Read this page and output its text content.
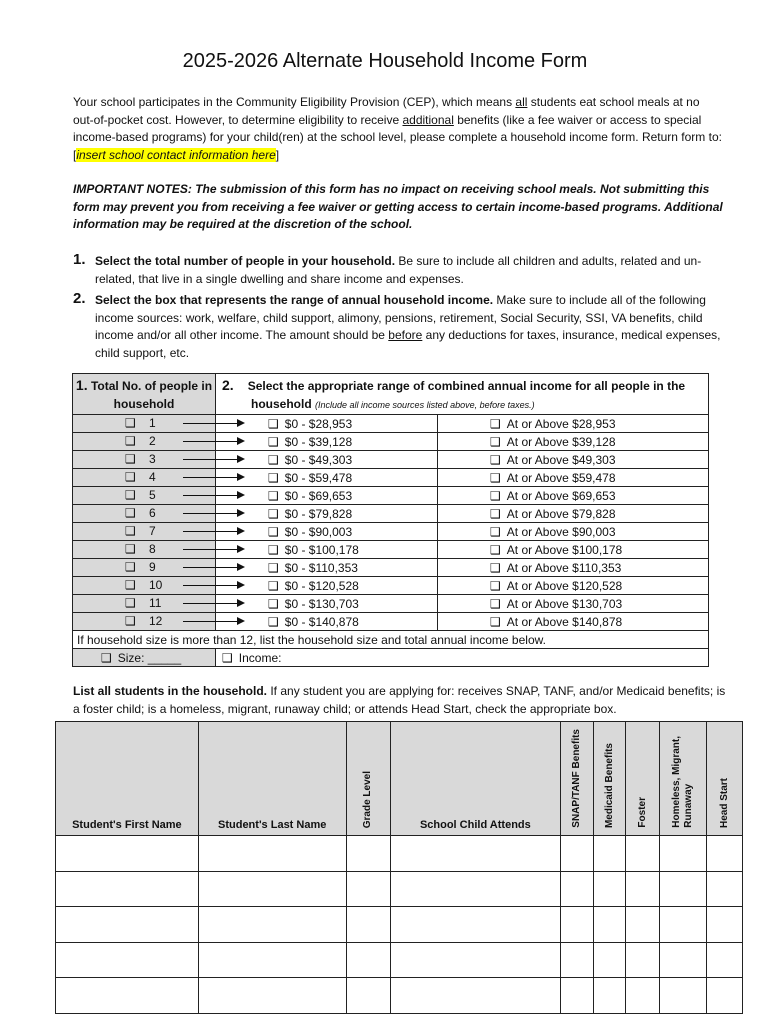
2025-2026 Alternate Household Income Form
Your school participates in the Community Eligibility Provision (CEP), which means all students eat school meals at no out-of-pocket cost. However, to determine eligibility to receive additional benefits (like a fee waiver or access to special income-based programs) for your child(ren) at the school level, please complete a household income form. Return form to: [insert school contact information here]
IMPORTANT NOTES: The submission of this form has no impact on receiving school meals. Not submitting this form may prevent you from receiving a fee waiver or getting access to certain income-based programs. Additional information may be required at the discretion of the school.
1. Select the total number of people in your household. Be sure to include all children and adults, related and un-related, that live in a single dwelling and share income and expenses.
2. Select the box that represents the range of annual household income. Make sure to include all of the following income sources: work, welfare, child support, alimony, pensions, retirement, Social Security, SSI, VA benefits, child income and/or all other income. The amount should be before any deductions for taxes, insurance, medical expenses, child support, etc.
1. Total No. of people in household	2. Select the appropriate range of combined annual income for all people in the
household (Include all income sources listed above, before taxes.)	

❑ 1	❑ $0 - $28,953	❑ At or Above $28,953

❑ 2	❑ $0 - $39,128	❑ At or Above $39,128

❑ 3	❑ $0 - $49,303	❑ At or Above $49,303

❑ 4	❑ $0 - $59,478	❑ At or Above $59,478

❑ 5	❑ $0 - $69,653	❑ At or Above $69,653

❑ 6	❑ $0 - $79,828	❑ At or Above $79,828

❑ 7	❑ $0 - $90,003	❑ At or Above $90,003

❑ 8	❑ $0 - $100,178	❑ At or Above $100,178

❑ 9	❑ $0 - $110,353	❑ At or Above $110,353

❑ 10	❑ $0 - $120,528	❑ At or Above $120,528

❑ 11	❑ $0 - $130,703	❑ At or Above $130,703

❑ 12	❑ $0 - $140,878	❑ At or Above $140,878
If household size is more than 12, list the household size and total annual income below.		
❑ Size: _____	❑ Income:	
List all students in the household. If any student you are applying for: receives SNAP, TANF, and/or Medicaid benefits; is a foster child; is a homeless, migrant, runaway child; or attends Head Start, check the appropriate box.
Student's First Name	Student's Last Name	Grade Level	School Child Attends	SNAP/TANF Benefits	Medicaid Benefits	Foster	Homeless, Migrant,
Runaway	Head Start
